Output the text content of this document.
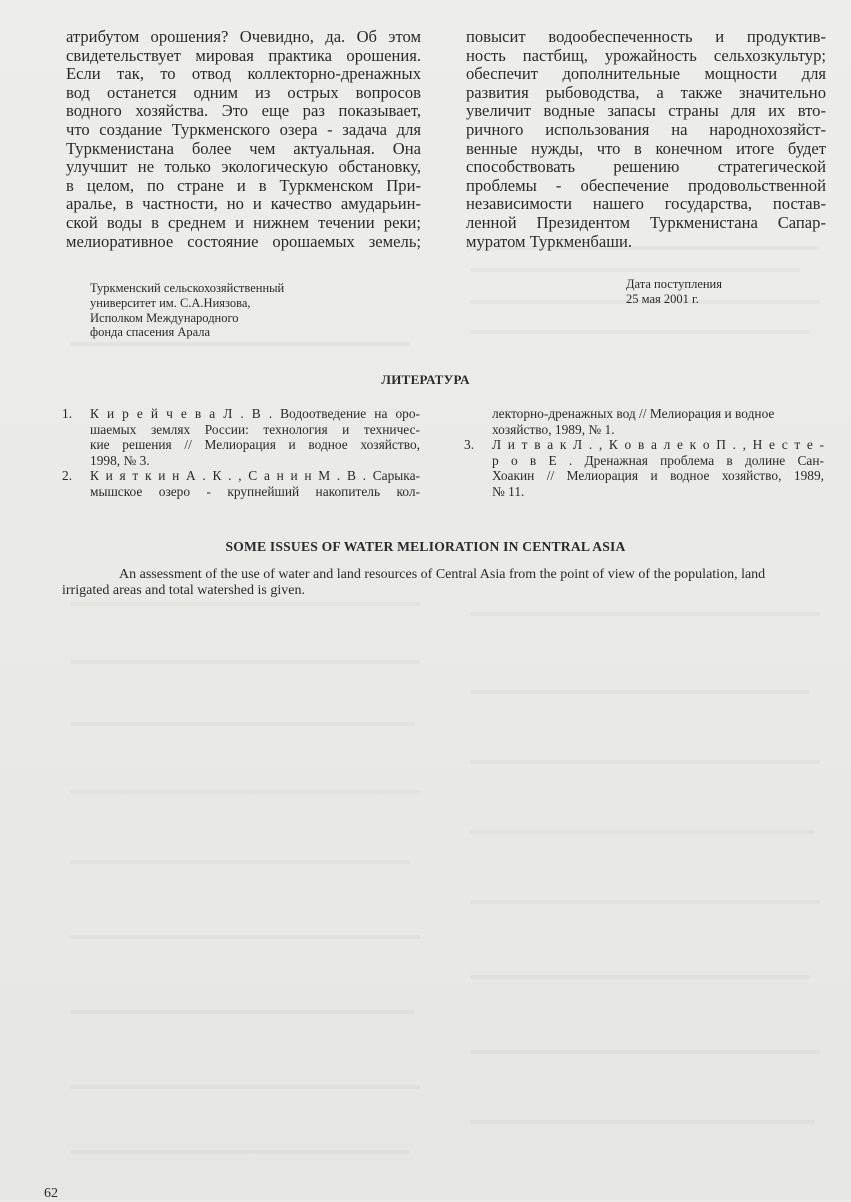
атрибутом орошения? Очевидно, да. Об этом
свидетельствует мировая практика орошения.
Если так, то отвод коллекторно-дренажных
вод останется одним из острых вопросов
водного хозяйства. Это еще раз показывает,
что создание Туркменского озера - задача для
Туркменистана более чем актуальная. Она
улучшит не только экологическую обстановку,
в целом, по стране и в Туркменском При-
аралье, в частности, но и качество амударьин-
ской воды в среднем и нижнем течении реки;
мелиоративное состояние орошаемых земель;
повысит водообеспеченность и продуктив-
ность пастбищ, урожайность сельхозкультур;
обеспечит дополнительные мощности для
развития рыбоводства, а также значительно
увеличит водные запасы страны для их вто-
ричного использования на народнохозяйст-
венные нужды, что в конечном итоге будет
способствовать решению стратегической
проблемы - обеспечение продовольственной
независимости нашего государства, постав-
ленной Президентом Туркменистана Сапар-
муратом Туркменбаши.
Туркменский сельскохозяйственный
университет им. С.А.Ниязова,
Исполком Международного
фонда спасения Арала
Дата поступления
25 мая 2001 г.
ЛИТЕРАТУРА
1. К и р е й ч е в а Л . В . Водоотведение на оро-
шаемых землях России: технология и техничес-
кие решения // Мелиорация и водное хозяйство,
1998, № 3.
2. К и я т к и н А . К . , С а н и н М . В . Сарыка-
мышское озеро - крупнейший накопитель кол-
лекторно-дренажных вод // Мелиорация и водное
хозяйство, 1989, № 1.
3. Л и т в а к Л . , К о в а л е к о П . , Н е с т е -
р о в Е . Дренажная проблема в долине Сан-
Хоакин // Мелиорация и водное хозяйство, 1989,
№ 11.
SOME ISSUES OF WATER MELIORATION IN CENTRAL ASIA
An assessment of the use of water and land resources of Central Asia from the point of view of the population, land
irrigated areas and total watershed is given.
62
